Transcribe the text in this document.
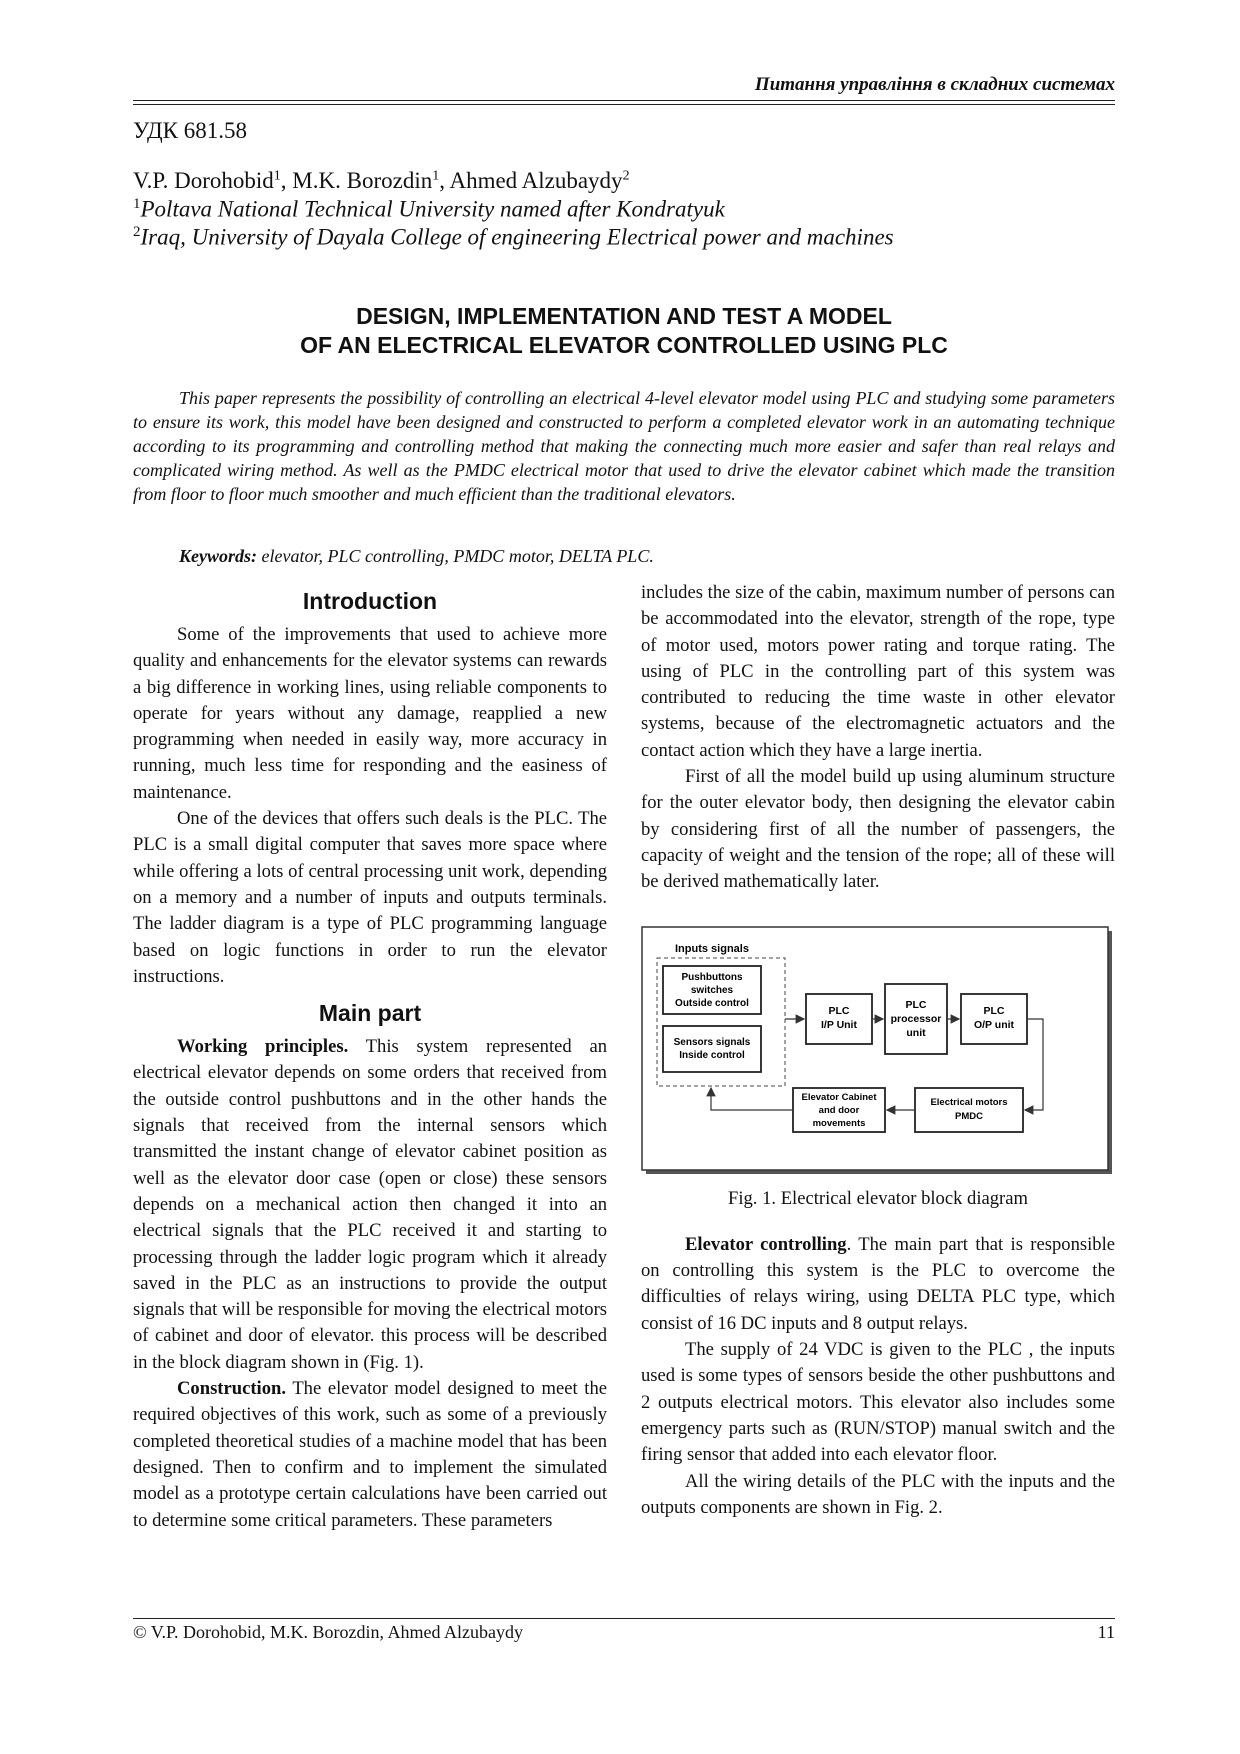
Питання управління в складних системах
УДК 681.58
V.P. Dorohobid$^1$, M.K. Borozdin$^1$, Ahmed Alzubaydy$^2$
$^1$Poltava National Technical University named after Kondratyuk
$^2$Iraq, University of Dayala College of engineering Electrical power and machines
DESIGN, IMPLEMENTATION AND TEST A MODEL
OF AN ELECTRICAL ELEVATOR CONTROLLED USING PLC
This paper represents the possibility of controlling an electrical 4-level elevator model using PLC and studying some parameters to ensure its work, this model have been designed and constructed to perform a completed elevator work in an automating technique according to its programming and controlling method that making the connecting much more easier and safer than real relays and complicated wiring method. As well as the PMDC electrical motor that used to drive the elevator cabinet which made the transition from floor to floor much smoother and much efficient than the traditional elevators.
Keywords: elevator, PLC controlling, PMDC motor, DELTA PLC.
Introduction

Some of the improvements that used to achieve more quality and enhancements for the elevator systems can rewards a big difference in working lines, using reliable components to operate for years without any damage, reapplied a new programming when needed in easily way, more accuracy in running, much less time for responding and the easiness of maintenance.

One of the devices that offers such deals is the PLC. The PLC is a small digital computer that saves more space where while offering a lots of central processing unit work, depending on a memory and a number of inputs and outputs terminals. The ladder diagram is a type of PLC programming language based on logic functions in order to run the elevator instructions.

Main part

Working principles. This system represented an electrical elevator depends on some orders that received from the outside control pushbuttons and in the other hands the signals that received from the internal sensors which transmitted the instant change of elevator cabinet position as well as the elevator door case (open or close) these sensors depends on a mechanical action then changed it into an electrical signals that the PLC received it and starting to processing through the ladder logic program which it already saved in the PLC as an instructions to provide the output signals that will be responsible for moving the electrical motors of cabinet and door of elevator. this process will be described in the block diagram shown in (Fig. 1).

Construction. The elevator model designed to meet the required objectives of this work, such as some of a previously completed theoretical studies of a machine model that has been designed. Then to confirm and to implement the simulated model as a prototype certain calculations have been carried out to determine some critical parameters. These parameters

includes the size of the cabin, maximum number of persons can be accommodated into the elevator, strength of the rope, type of motor used, motors power rating and torque rating. The using of PLC in the controlling part of this system was contributed to reducing the time waste in other elevator systems, because of the electromagnetic actuators and the contact action which they have a large inertia.

First of all the model build up using aluminum structure for the outer elevator body, then designing the elevator cabin by considering first of all the number of passengers, the capacity of weight and the tension of the rope; all of these will be derived mathematically later.

Inputs signals
Pushbuttons
switches
Outside control
Sensors signals
Inside control
PLC
I/P Unit
PLC
processor
unit
PLC
O/P unit
Elevator Cabinet
and door
movements
Electrical motors
PMDC
Fig. 1. Electrical elevator block diagram

Elevator controlling. The main part that is responsible on controlling this system is the PLC to overcome the difficulties of relays wiring, using DELTA PLC type, which consist of 16 DC inputs and 8 output relays.

The supply of 24 VDC is given to the PLC , the inputs used is some types of sensors beside the other pushbuttons and 2 outputs electrical motors. This elevator also includes some emergency parts such as (RUN/STOP) manual switch and the firing sensor that added into each elevator floor.

All the wiring details of the PLC with the inputs and the outputs components are shown in Fig. 2.

© V.P. Dorohobid, M.K. Borozdin, Ahmed Alzubaydy	11
